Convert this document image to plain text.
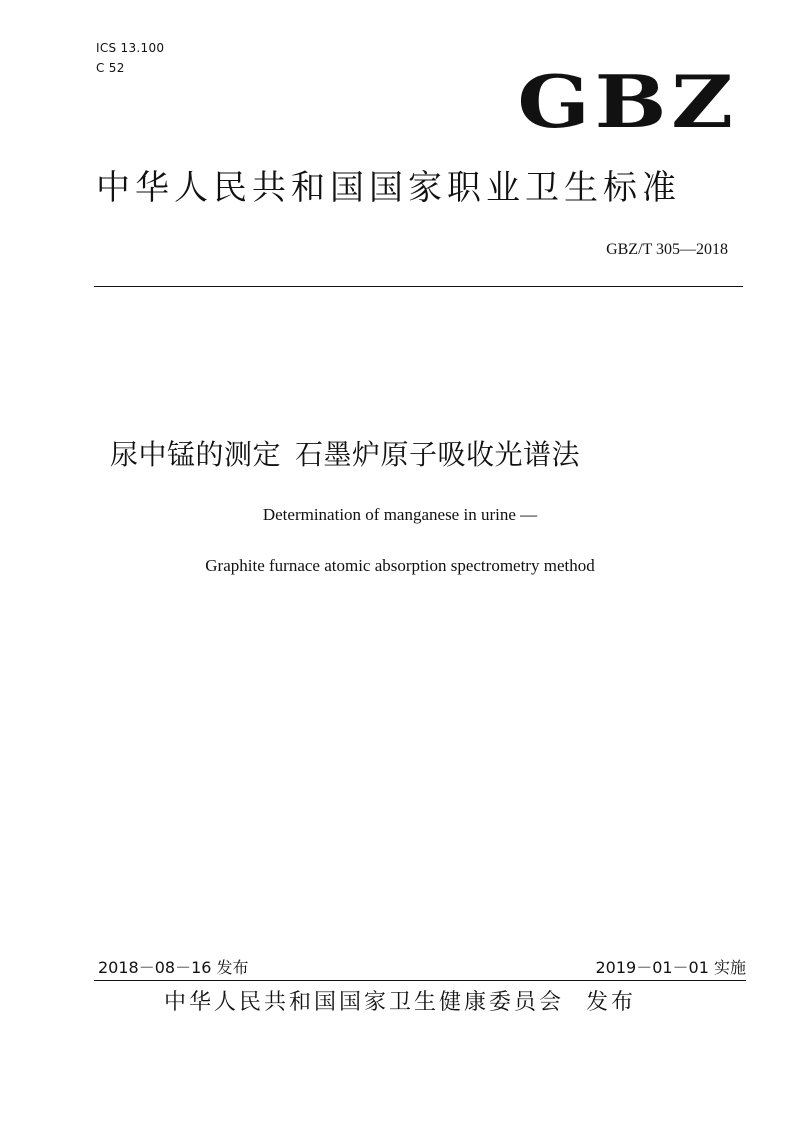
ICS 13.100
C 52	GBZ
中华人民共和国国家职业卫生标准
GBZ/T 305—2018
尿中锰的测定 石墨炉原子吸收光谱法
Determination of manganese in urine —
Graphite furnace atomic absorption spectrometry method
2018－08－16 发布	2019－01－01 实施
中华人民共和国国家卫生健康委员会 发布
